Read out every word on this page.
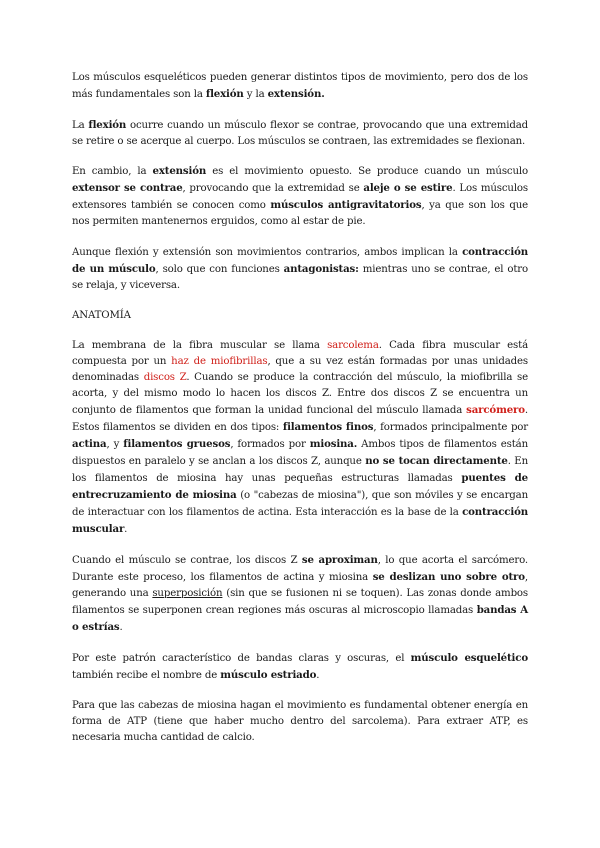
Los músculos esqueléticos pueden generar distintos tipos de movimiento, pero dos de los más fundamentales son la flexión y la extensión.

La flexión ocurre cuando un músculo flexor se contrae, provocando que una extremidad se retire o se acerque al cuerpo. Los músculos se contraen, las extremidades se flexionan.

En cambio, la extensión es el movimiento opuesto. Se produce cuando un músculo extensor se contrae, provocando que la extremidad se aleje o se estire. Los músculos extensores también se conocen como músculos antigravitatorios, ya que son los que nos permiten mantenernos erguidos, como al estar de pie.

Aunque flexión y extensión son movimientos contrarios, ambos implican la contracción de un músculo, solo que con funciones antagonistas: mientras uno se contrae, el otro se relaja, y viceversa.

ANATOMÍA

La membrana de la fibra muscular se llama sarcolema. Cada fibra muscular está compuesta por un haz de miofibrillas, que a su vez están formadas por unas unidades denominadas discos Z. Cuando se produce la contracción del músculo, la miofibrilla se acorta, y del mismo modo lo hacen los discos Z. Entre dos discos Z se encuentra un conjunto de filamentos que forman la unidad funcional del músculo llamada sarcómero. Estos filamentos se dividen en dos tipos: filamentos finos, formados principalmente por actina, y filamentos gruesos, formados por miosina. Ambos tipos de filamentos están dispuestos en paralelo y se anclan a los discos Z, aunque no se tocan directamente. En los filamentos de miosina hay unas pequeñas estructuras llamadas puentes de entrecruzamiento de miosina (o "cabezas de miosina"), que son móviles y se encargan de interactuar con los filamentos de actina. Esta interacción es la base de la contracción muscular.

Cuando el músculo se contrae, los discos Z se aproximan, lo que acorta el sarcómero. Durante este proceso, los filamentos de actina y miosina se deslizan uno sobre otro, generando una superposición (sin que se fusionen ni se toquen). Las zonas donde ambos filamentos se superponen crean regiones más oscuras al microscopio llamadas bandas A o estrías.

Por este patrón característico de bandas claras y oscuras, el músculo esquelético también recibe el nombre de músculo estriado.

Para que las cabezas de miosina hagan el movimiento es fundamental obtener energía en forma de ATP (tiene que haber mucho dentro del sarcolema). Para extraer ATP, es necesaria mucha cantidad de calcio.
